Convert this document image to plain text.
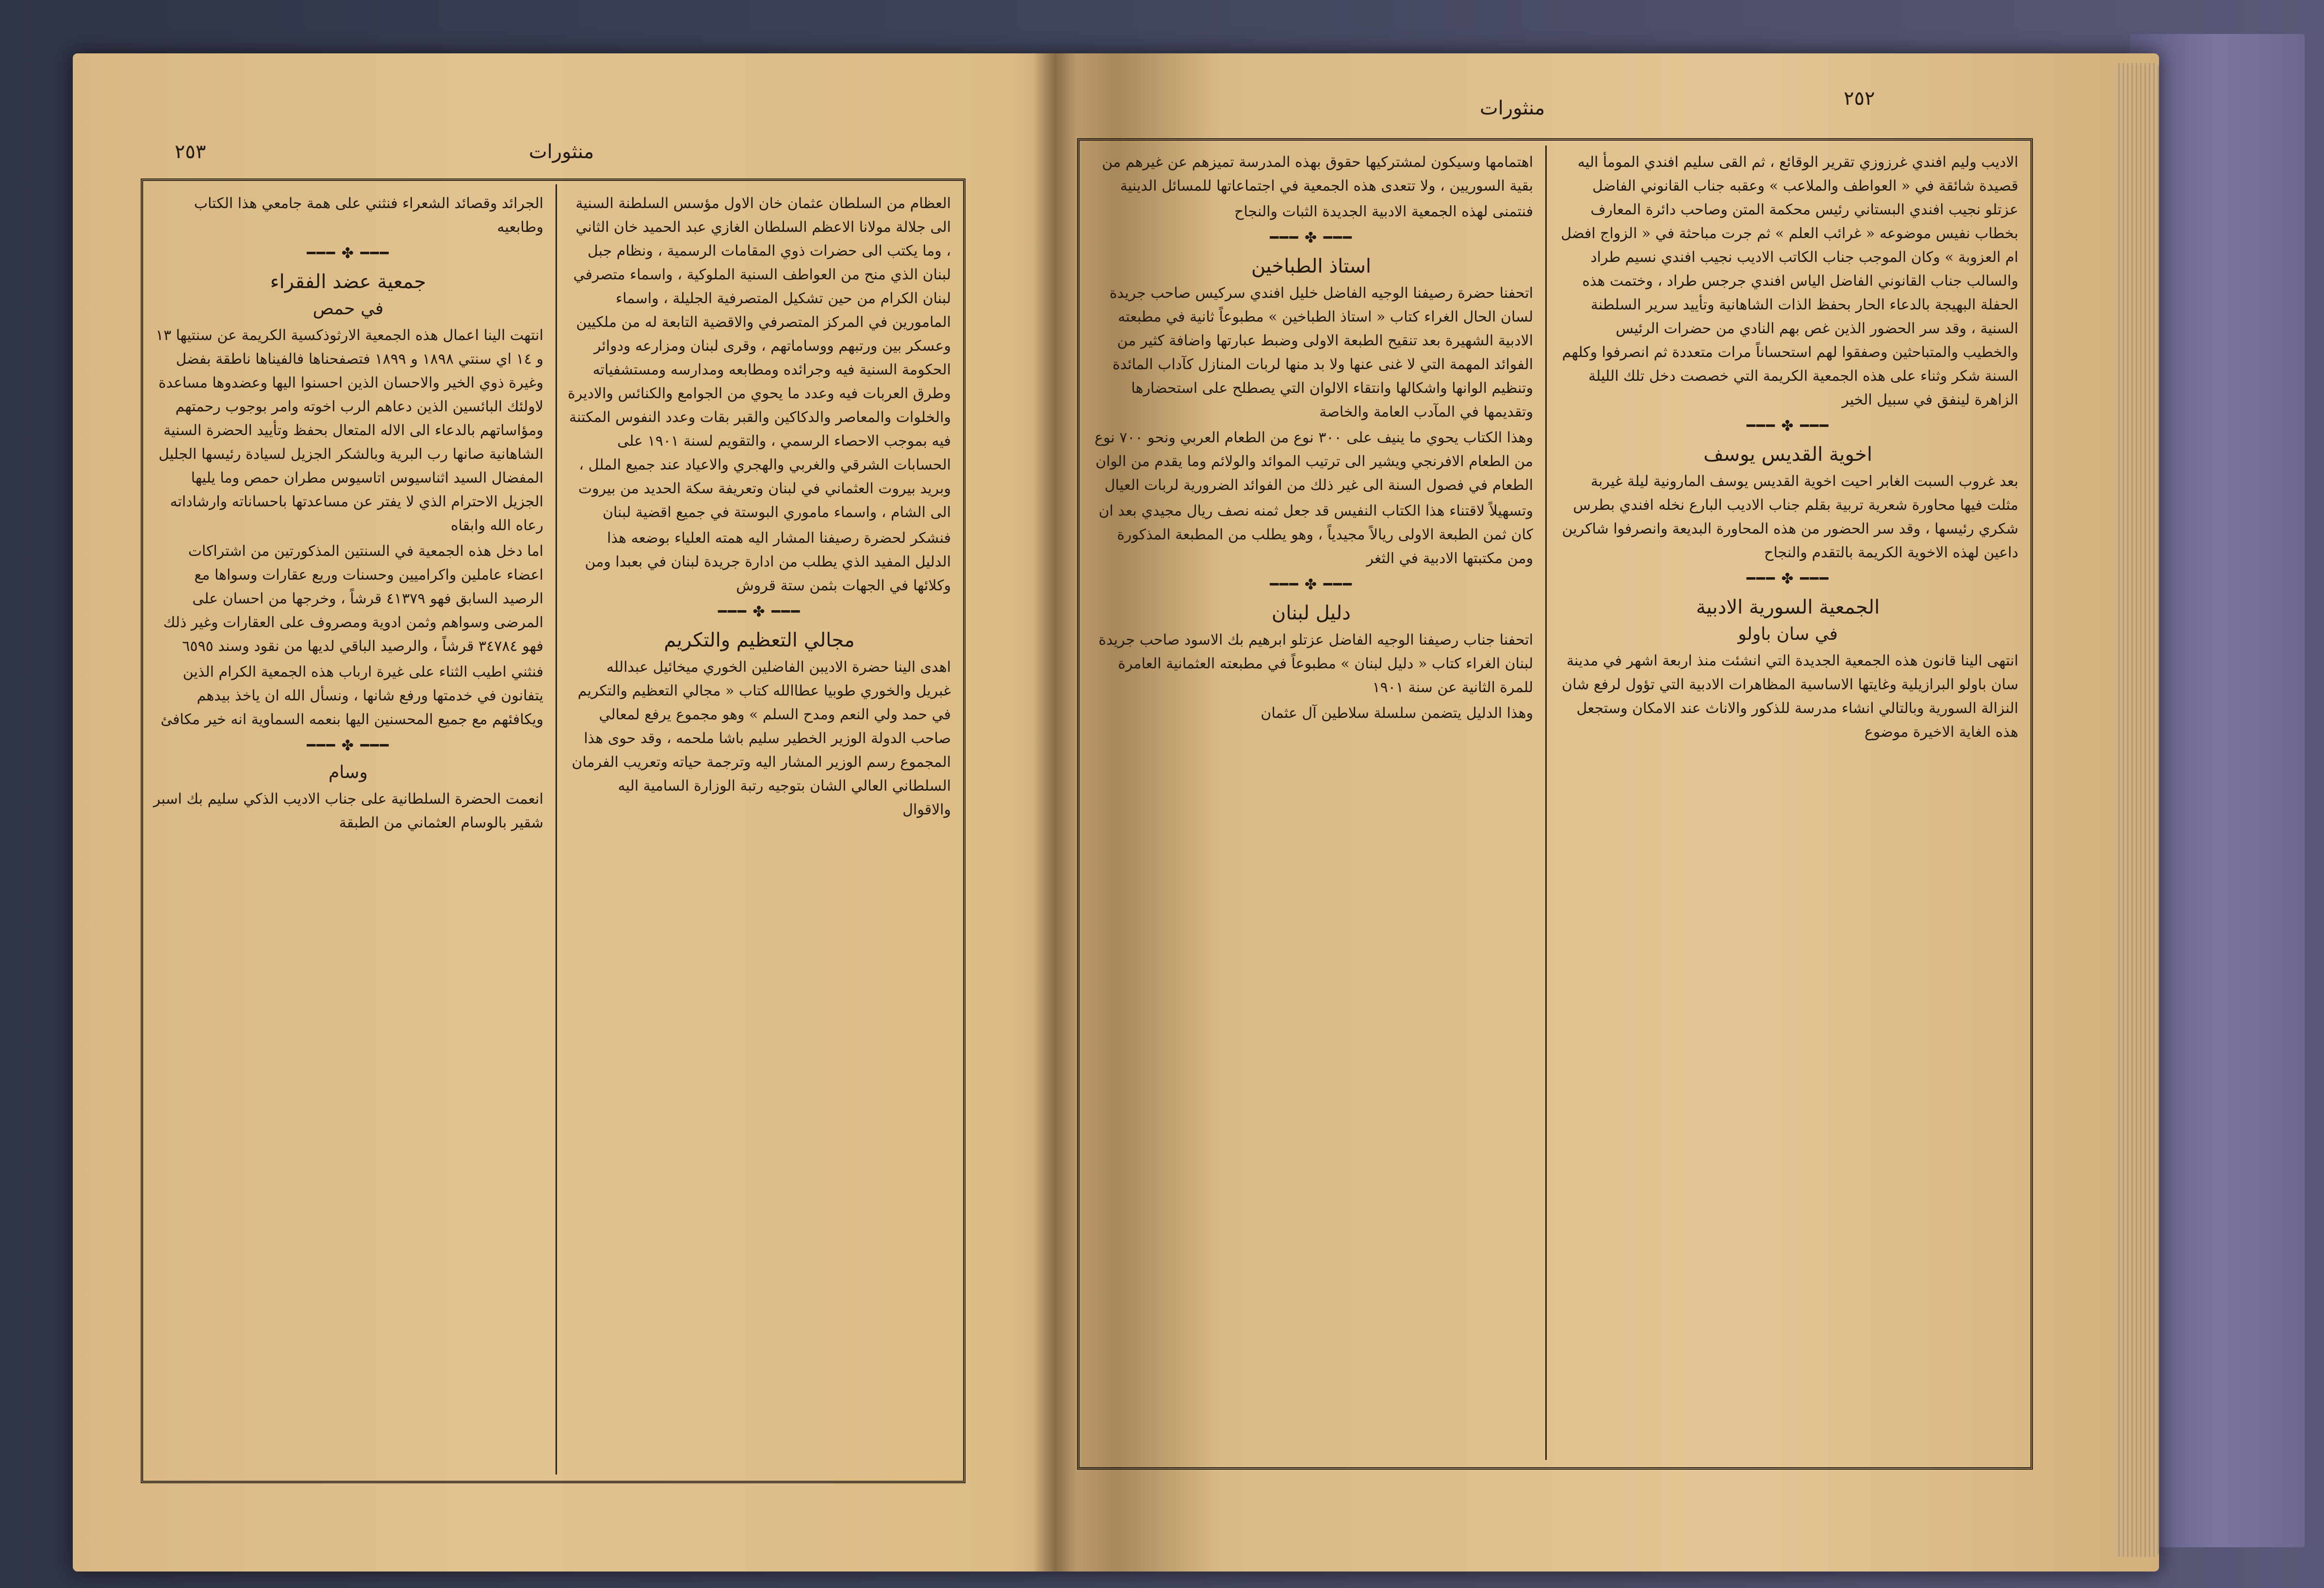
٢٥٣	منثورات

العظام من السلطان عثمان خان الاول مؤسس السلطنة السنية الى جلالة مولانا الاعظم السلطان الغازي عبد الحميد خان الثاني ، وما يكتب الى حضرات ذوي المقامات الرسمية ، ونظام جبل لبنان الذي منح من العواطف السنية الملوكية ، واسماء متصرفي لبنان الكرام من حين تشكيل المتصرفية الجليلة ، واسماء المامورين في المركز المتصرفي والاقضية التابعة له من ملكيين وعسكر بين ورتبهم ووساماتهم ، وقرى لبنان ومزارعه ودوائر الحكومة السنية فيه وجرائده ومطابعه ومدارسه ومستشفياته وطرق العربات فيه وعدد ما يحوي من الجوامع والكنائس والاديرة والخلوات والمعاصر والدكاكين والقبر بقات وعدد النفوس المكتنة فيه بموجب الاحصاء الرسمي ، والتقويم لسنة ١٩٠١ على الحسابات الشرقي والغربي والهجري والاعياد عند جميع الملل ، وبريد بيروت العثماني في لبنان وتعريفة سكة الحديد من بيروت الى الشام ، واسماء ماموري البوستة في جميع اقضية لبنان

فنشكر لحضرة رصيفنا المشار اليه همته العلياء بوضعه هذا الدليل المفيد الذي يطلب من ادارة جريدة لبنان في بعبدا ومن وكلائها في الجهات بثمن ستة قروش

━━━ ✤ ━━━
مجالي التعظيم والتكريم

اهدى الينا حضرة الاديبن الفاضلين الخوري ميخائيل عبدالله غبريل والخوري طوبيا عطاالله كتاب « مجالي التعظيم والتكريم في حمد ولي النعم ومدح السلم » وهو مجموع يرفع لمعالي صاحب الدولة الوزير الخطير سليم باشا ملحمه ، وقد حوى هذا المجموع رسم الوزير المشار اليه وترجمة حياته وتعريب الفرمان السلطاني العالي الشان بتوجيه رتبة الوزارة السامية اليه والاقوال

الجرائد وقصائد الشعراء فنثني على همة جامعي هذا الكتاب وطابعيه

━━━ ✤ ━━━
جمعية عضد الفقراء
في حمص

انتهت الينا اعمال هذه الجمعية الارثوذكسية الكريمة عن سنتيها ١٣ و ١٤ اي سنتي ١٨٩٨ و ١٨٩٩ فتصفحناها فالفيناها ناطقة بفضل وغيرة ذوي الخير والاحسان الذين احسنوا اليها وعضدوها مساعدة لاولئك البائسين الذين دعاهم الرب اخوته وامر بوجوب رحمتهم ومؤاساتهم بالدعاء الى الاله المتعال بحفظ وتأييد الحضرة السنية الشاهانية صانها رب البرية وبالشكر الجزيل لسيادة رئيسها الجليل المفضال السيد اثناسيوس اتاسيوس مطران حمص وما يليها الجزيل الاحترام الذي لا يفتر عن مساعدتها باحساناته وارشاداته رعاه الله وابقاه

اما دخل هذه الجمعية في السنتين المذكورتين من اشتراكات اعضاء عاملين واكراميين وحسنات وريع عقارات وسواها مع الرصيد السابق فهو ٤١٣٧٩ قرشاً ، وخرجها من احسان على المرضى وسواهم وثمن ادوية ومصروف على العقارات وغير ذلك فهو ٣٤٧٨٤ قرشاً ، والرصيد الباقي لديها من نقود وسند ٦٥٩٥

فنثني اطيب الثناء على غيرة ارباب هذه الجمعية الكرام الذين يتفانون في خدمتها ورفع شانها ، ونسأل الله ان ياخذ بيدهم ويكافئهم مع جميع المحسنين اليها بنعمه السماوية انه خير مكافئ

━━━ ✤ ━━━
وسام

انعمت الحضرة السلطانية على جناب الاديب الذكي سليم بك اسبر شقير بالوسام العثماني من الطبقة

٢٥٢
منثورات

الاديب وليم افندي غرزوزي تقرير الوقائع ، ثم القى سليم افندي المومأ اليه قصيدة شائقة في « العواطف والملاعب » وعقبه جناب القانوني الفاضل عزتلو نجيب افندي البستاني رئيس محكمة المتن وصاحب دائرة المعارف بخطاب نفيس موضوعه « غرائب العلم » ثم جرت مباحثة في « الزواج افضل ام العزوبة » وكان الموجب جناب الكاتب الاديب نجيب افندي نسيم طراد والسالب جناب القانوني الفاضل الياس افندي جرجس طراد ، وختمت هذه الحفلة البهيجة بالدعاء الحار بحفظ الذات الشاهانية وتأييد سرير السلطنة السنية ، وقد سر الحضور الذين غص بهم النادي من حضرات الرئيس والخطيب والمتباحثين وصفقوا لهم استحساناً مرات متعددة ثم انصرفوا وكلهم السنة شكر وثناء على هذه الجمعية الكريمة التي خصصت دخل تلك الليلة الزاهرة لينفق في سبيل الخير

━━━ ✤ ━━━
اخوية القديس يوسف

بعد غروب السبت الغابر احيت اخوية القديس يوسف المارونية ليلة غيربة مثلت فيها محاورة شعرية تربية بقلم جناب الاديب البارع نخله افندي بطرس شكري رئيسها ، وقد سر الحضور من هذه المحاورة البديعة وانصرفوا شاكرين داعين لهذه الاخوية الكريمة بالتقدم والنجاح

━━━ ✤ ━━━
الجمعية السورية الادبية
في سان باولو

انتهى الينا قانون هذه الجمعية الجديدة التي انشئت منذ اربعة اشهر في مدينة سان باولو البرازيلية وغايتها الاساسية المظاهرات الادبية التي تؤول لرفع شان النزالة السورية وبالتالي انشاء مدرسة للذكور والاناث عند الامكان وستجعل هذه الغاية الاخيرة موضوع

اهتمامها وسيكون لمشتركيها حقوق بهذه المدرسة تميزهم عن غيرهم من بقية السوريين ، ولا تتعدى هذه الجمعية في اجتماعاتها للمسائل الدينية

فنتمنى لهذه الجمعية الادبية الجديدة الثبات والنجاح

━━━ ✤ ━━━
استاذ الطباخين

اتحفنا حضرة رصيفنا الوجيه الفاضل خليل افندي سركيس صاحب جريدة لسان الحال الغراء كتاب « استاذ الطباخين » مطبوعاً ثانية في مطبعته الادبية الشهيرة بعد تنقيح الطبعة الاولى وضبط عبارتها واضافة كثير من الفوائد المهمة التي لا غنى عنها ولا بد منها لربات المنازل كآداب المائدة وتنظيم الوانها واشكالها وانتقاء الالوان التي يصطلح على استحضارها وتقديمها في المآدب العامة والخاصة

وهذا الكتاب يحوي ما ينيف على ٣٠٠ نوع من الطعام العربي ونحو ٧٠٠ نوع من الطعام الافرنجي ويشير الى ترتيب الموائد والولائم وما يقدم من الوان الطعام في فصول السنة الى غير ذلك من الفوائد الضرورية لربات العيال

وتسهيلاً لاقتناء هذا الكتاب النفيس قد جعل ثمنه نصف ريال مجيدي بعد ان كان ثمن الطبعة الاولى ريالاً مجيدياً ، وهو يطلب من المطبعة المذكورة ومن مكتبتها الادبية في الثغر

━━━ ✤ ━━━
دليل لبنان

اتحفنا جناب رصيفنا الوجيه الفاضل عزتلو ابرهيم بك الاسود صاحب جريدة لبنان الغراء كتاب « دليل لبنان » مطبوعاً في مطبعته العثمانية العامرة للمرة الثانية عن سنة ١٩٠١

وهذا الدليل يتضمن سلسلة سلاطين آل عثمان
